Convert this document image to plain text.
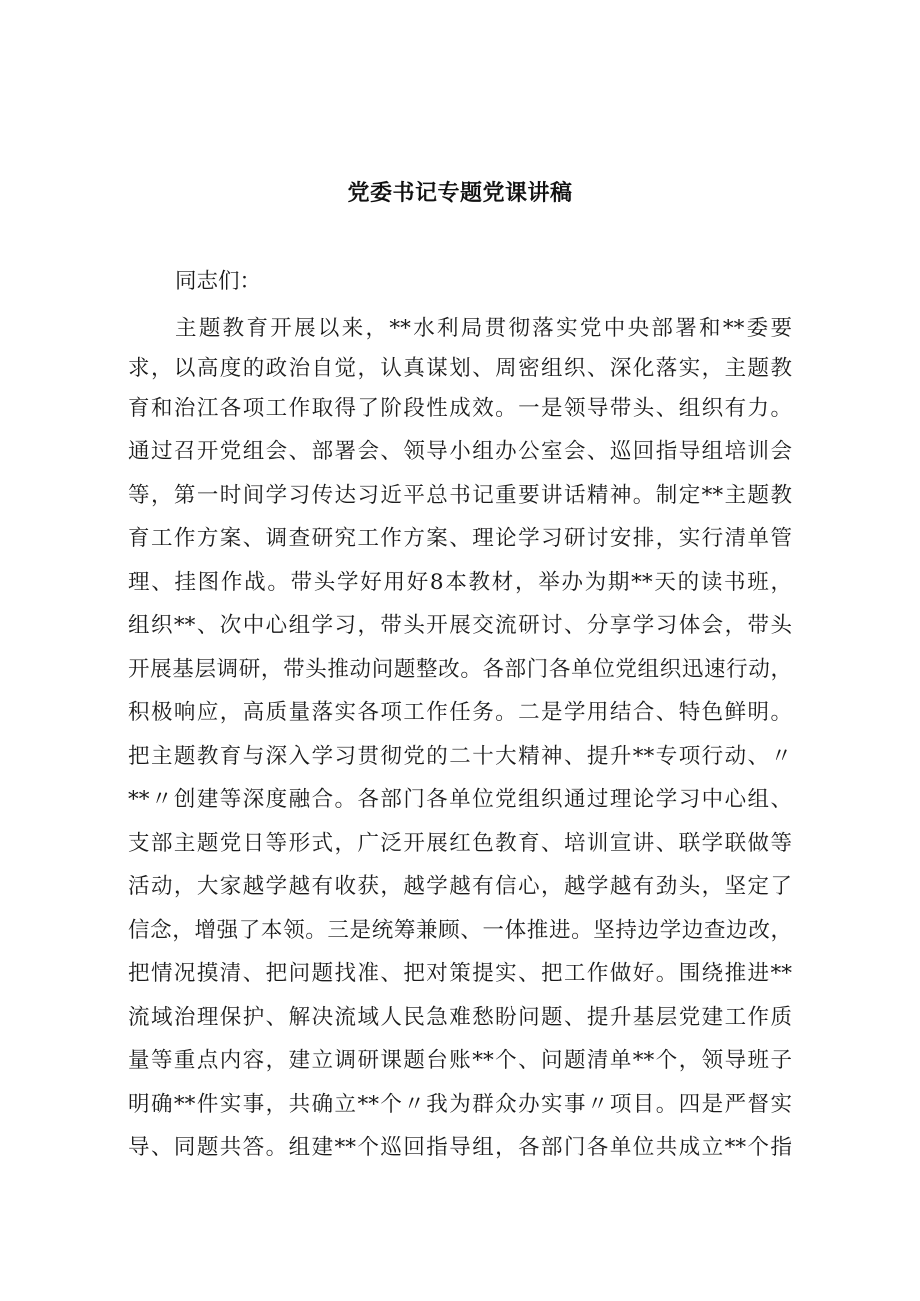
党委书记专题党课讲稿
同志们：
主题教育开展以来，**水利局贯彻落实党中央部署和**委要
求，以高度的政治自觉，认真谋划、周密组织、深化落实，主题教
育和治江各项工作取得了阶段性成效。一是领导带头、组织有力。
通过召开党组会、部署会、领导小组办公室会、巡回指导组培训会
等，第一时间学习传达习近平总书记重要讲话精神。制定**主题教
育工作方案、调查研究工作方案、理论学习研讨安排，实行清单管
理、挂图作战。带头学好用好8本教材，举办为期**天的读书班，
组织**、次中心组学习，带头开展交流研讨、分享学习体会，带头
开展基层调研，带头推动问题整改。各部门各单位党组织迅速行动，
积极响应，高质量落实各项工作任务。二是学用结合、特色鲜明。
把主题教育与深入学习贯彻党的二十大精神、提升**专项行动、〃
**〃创建等深度融合。各部门各单位党组织通过理论学习中心组、
支部主题党日等形式，广泛开展红色教育、培训宣讲、联学联做等
活动，大家越学越有收获，越学越有信心，越学越有劲头，坚定了
信念，增强了本领。三是统筹兼顾、一体推进。坚持边学边查边改，
把情况摸清、把问题找准、把对策提实、把工作做好。围绕推进**
流域治理保护、解决流域人民急难愁盼问题、提升基层党建工作质
量等重点内容，建立调研课题台账**个、问题清单**个，领导班子
明确**件实事，共确立**个〃我为群众办实事〃项目。四是严督实
导、同题共答。组建**个巡回指导组，各部门各单位共成立**个指
